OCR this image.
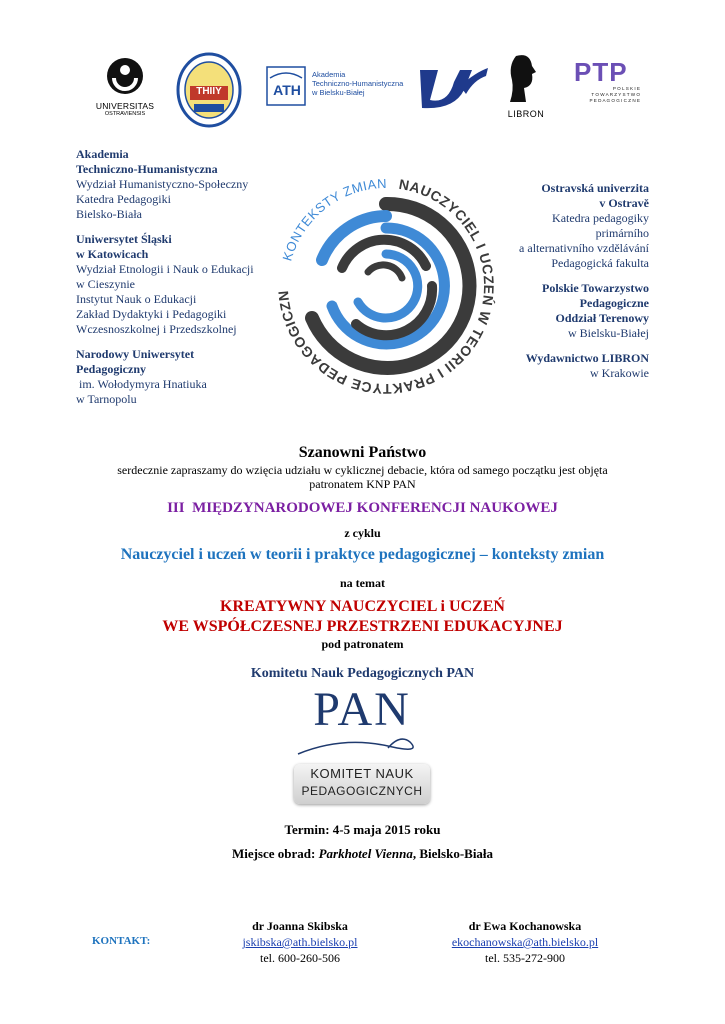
UNIVERSITAS
OSTRAVIENSIS
THIIY	ATH
Akademia
Techniczno-Humanistyczna
w Bielsku-Białej
LIBRON
PTP
P O L S K I E
T O W A R Z Y S T W O
P E D A G O G I C Z N E
Akademia
Techniczno-Humanistyczna
Wydział Humanistyczno-Społeczny
Katedra Pedagogiki
Bielsko-Biała
Uniwersytet Śląski
w Katowicach
Wydział Etnologii i Nauk o Edukacji
w Cieszynie
Instytut Nauk o Edukacji
Zakład Dydaktyki i Pedagogiki
Wczesnoszkolnej i Przedszkolnej
Narodowy Uniwersytet
Pedagogiczny
im. Wołodymyra Hnatiuka
w Tarnopolu
Ostravská univerzita
v Ostravě
Katedra pedagogiky
primárního
a alternativního vzdělávání
Pedagogická fakulta
Polskie Towarzystwo
Pedagogiczne
Oddział Terenowy
w Bielsku-Białej
Wydawnictwo LIBRON
w Krakowie
NAUCZYCIEL I UCZEŃ W TEORII I PRAKTYCE PEDAGOGICZN
KONTEKSTY ZMIAN
Szanowni Państwo
serdecznie zapraszamy do wzięcia udziału w cyklicznej debacie, która od samego początku jest objęta
patronatem KNP PAN
III  MIĘDZYNARODOWEJ KONFERENCJI NAUKOWEJ
z cyklu
Nauczyciel i uczeń w teorii i praktyce pedagogicznej – konteksty zmian
na temat
KREATYWNY NAUCZYCIEL i UCZEŃ
WE WSPÓŁCZESNEJ PRZESTRZENI EDUKACYJNEJ
pod patronatem
Komitetu Nauk Pedagogicznych PAN
PAN
KOMITET NAUK
PEDAGOGICZNYCH
Termin: 4-5 maja 2015 roku
Miejsce obrad: Parkhotel Vienna, Bielsko-Biała
KONTAKT:
dr Joanna Skibska
jskibska@ath.bielsko.pl
tel. 600-260-506
dr Ewa Kochanowska
ekochanowska@ath.bielsko.pl
tel. 535-272-900
